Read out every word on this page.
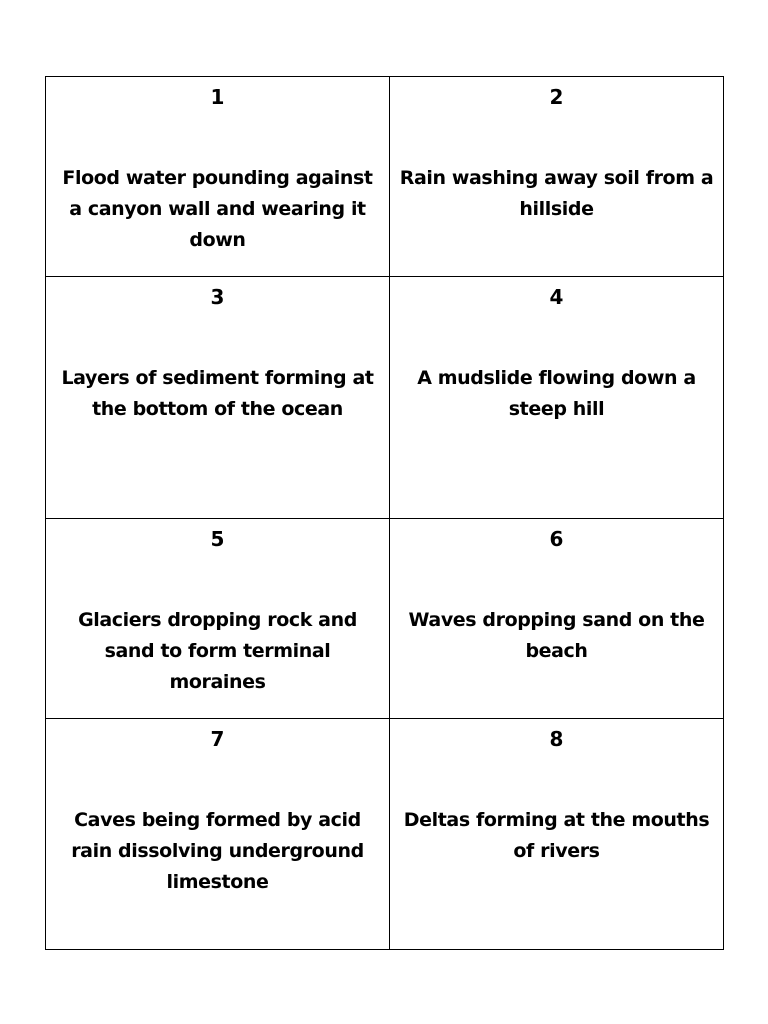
1
Flood water pounding against a canyon wall and wearing it down
2
Rain washing away soil from a hillside
3
Layers of sediment forming at the bottom of the ocean
4
A mudslide flowing down a steep hill
5
Glaciers dropping rock and sand to form terminal moraines
6
Waves dropping sand on the beach
7
Caves being formed by acid rain dissolving underground limestone
8
Deltas forming at the mouths of rivers
